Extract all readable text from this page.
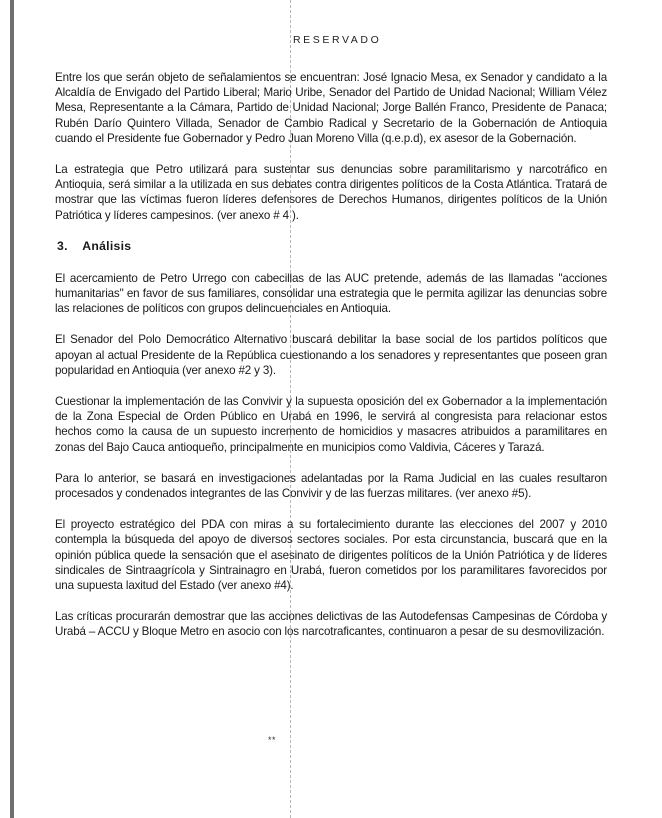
RESERVADO

Entre los que serán objeto de señalamientos se encuentran: José Ignacio Mesa, ex Senador y candidato a la Alcaldía de Envigado del Partido Liberal; Mario Uribe, Senador del Partido de Unidad Nacional; William Vélez Mesa, Representante a la Cámara, Partido de Unidad Nacional; Jorge Ballén Franco, Presidente de Panaca; Rubén Darío Quintero Villada, Senador de Cambio Radical y Secretario de la Gobernación de Antioquia cuando el Presidente fue Gobernador y Pedro Juan Moreno Villa (q.e.p.d), ex asesor de la Gobernación.

La estrategia que Petro utilizará para sustentar sus denuncias sobre paramilitarismo y narcotráfico en Antioquia, será similar a la utilizada en sus debates contra dirigentes políticos de la Costa Atlántica. Tratará de mostrar que las víctimas fueron líderes defensores de Derechos Humanos, dirigentes políticos de la Unión Patriótica y líderes campesinos. (ver anexo # 4 ).

3. Análisis

El acercamiento de Petro Urrego con cabecillas de las AUC pretende, además de las llamadas "acciones humanitarias" en favor de sus familiares, consolidar una estrategia que le permita agilizar las denuncias sobre las relaciones de políticos con grupos delincuenciales en Antioquia.

El Senador del Polo Democrático Alternativo buscará debilitar la base social de los partidos políticos que apoyan al actual Presidente de la República cuestionando a los senadores y representantes que poseen gran popularidad en Antioquia (ver anexo #2 y 3).

Cuestionar la implementación de las Convivir y la supuesta oposición del ex Gobernador a la implementación de la Zona Especial de Orden Público en Urabá en 1996, le servirá al congresista para relacionar estos hechos como la causa de un supuesto incremento de homicidios y masacres atribuidos a paramilitares en zonas del Bajo Cauca antioqueño, principalmente en municipios como Valdivia, Cáceres y Tarazá.

Para lo anterior, se basará en investigaciones adelantadas por la Rama Judicial en las cuales resultaron procesados y condenados integrantes de las Convivir y de las fuerzas militares. (ver anexo #5).

El proyecto estratégico del PDA con miras a su fortalecimiento durante las elecciones del 2007 y 2010 contempla la búsqueda del apoyo de diversos sectores sociales. Por esta circunstancia, buscará que en la opinión pública quede la sensación que el asesinato de dirigentes políticos de la Unión Patriótica y de líderes sindicales de Sintraagrícola y Sintrainagro en Urabá, fueron cometidos por los paramilitares favorecidos por una supuesta laxitud del Estado (ver anexo #4).

Las críticas procurarán demostrar que las acciones delictivas de las Autodefensas Campesinas de Córdoba y Urabá – ACCU y Bloque Metro en asocio con los narcotraficantes, continuaron a pesar de su desmovilización.

**
